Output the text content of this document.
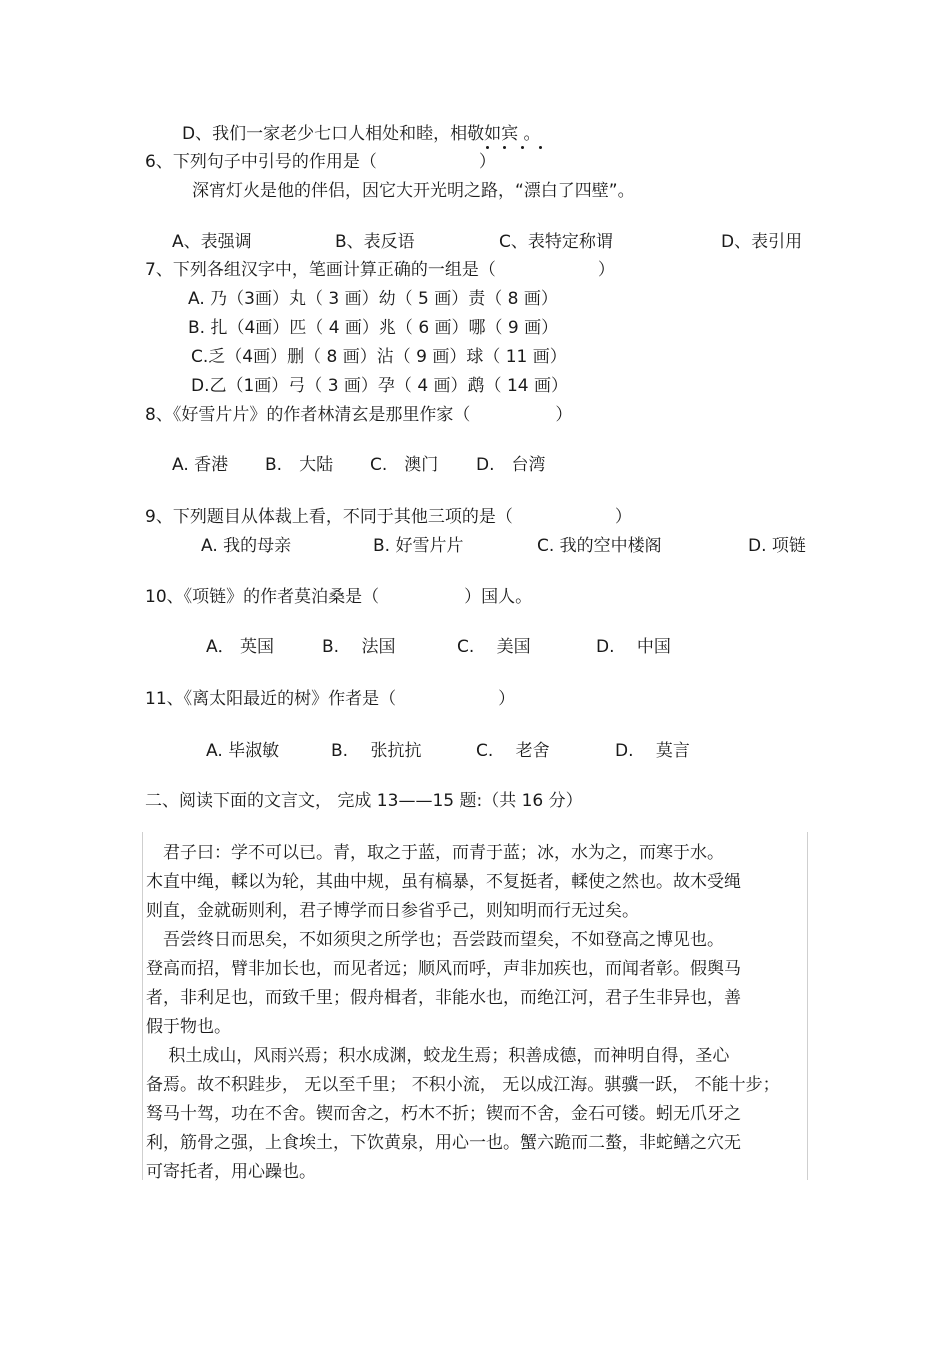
D、我们一家老少七口人相处和睦，相敬如宾 。
6、下列句子中引号的作用是（　　　　　　）
深宵灯火是他的伴侣，因它大开光明之路，“漂白了四壁”。
A、表强调	B、表反语	C、表特定称谓	D、表引用
7、下列各组汉字中，笔画计算正确的一组是（　　　　　　）
A. 乃（3画）丸（ 3 画）幼（ 5 画）责（ 8 画）
B. 扎（4画）匹（ 4 画）兆（ 6 画）哪（ 9 画）
C.乏（4画）删（ 8 画）沾（ 9 画）球（ 11 画）
D.乙（1画）弓（ 3 画）孕（ 4 画）鹉（ 14 画）
8、《好雪片片》的作者林清玄是那里作家（　　　　　）
A. 香港 B.　大陆 C.　澳门 D.　台湾
9、下列题目从体裁上看，不同于其他三项的是（　　　　　　）
A. 我的母亲	B. 好雪片片	C. 我的空中楼阁	D. 项链
10、《项链》的作者莫泊桑是（　　　　　）国人。
A． 英国	B.　 法国	C.　 美国	D.　 中国
11、《离太阳最近的树》作者是（　　　　　　）
A. 毕淑敏	B.　 张抗抗	C.　 老舍	D.　 莫言
二、阅读下面的文言文， 完成 13——15 题:（共 16 分）
　君子曰：学不可以已。青，取之于蓝，而青于蓝；冰，水为之，而寒于水。
木直中绳，輮以为轮，其曲中规，虽有槁暴，不复挺者，輮使之然也。故木受绳
则直，金就砺则利，君子博学而日参省乎己，则知明而行无过矣。
　吾尝终日而思矣，不如须臾之所学也；吾尝跂而望矣，不如登高之博见也。
登高而招，臂非加长也，而见者远；顺风而呼，声非加疾也，而闻者彰。假舆马
者，非利足也，而致千里；假舟楫者，非能水也，而绝江河，君子生非异也，善
假于物也。
　 积土成山，风雨兴焉；积水成渊，蛟龙生焉；积善成德，而神明自得，圣心
备焉。故不积跬步， 无以至千里； 不积小流， 无以成江海。骐骥一跃， 不能十步；
驽马十驾，功在不舍。锲而舍之，朽木不折；锲而不舍，金石可镂。蚓无爪牙之
利，筋骨之强，上食埃土，下饮黄泉，用心一也。蟹六跪而二螯，非蛇鳝之穴无
可寄托者，用心躁也。
